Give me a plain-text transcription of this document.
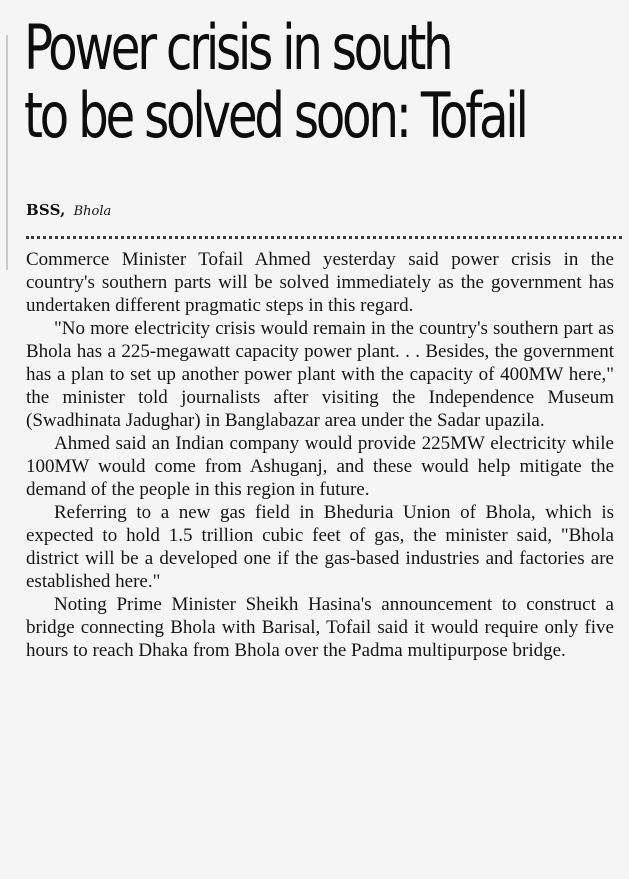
Power crisis in south
to be solved soon: Tofail
BSS, Bhola

Commerce Minister Tofail Ahmed yesterday said power crisis in the country's southern parts will be solved immediately as the government has undertaken different pragmatic steps in this regard.

"No more electricity crisis would remain in the country's southern part as Bhola has a 225-megawatt capacity power plant. . . Besides, the government has a plan to set up another power plant with the capacity of 400MW here," the minister told journalists after visiting the Independence Museum (Swadhinata Jadughar) in Banglabazar area under the Sadar upazila.

Ahmed said an Indian company would provide 225MW electricity while 100MW would come from Ashuganj, and these would help mitigate the demand of the people in this region in future.

Referring to a new gas field in Bheduria Union of Bhola, which is expected to hold 1.5 trillion cubic feet of gas, the minister said, "Bhola district will be a developed one if the gas-based industries and factories are established here."

Noting Prime Minister Sheikh Hasina's announcement to construct a bridge connecting Bhola with Barisal, Tofail said it would require only five hours to reach Dhaka from Bhola over the Padma multipurpose bridge.
